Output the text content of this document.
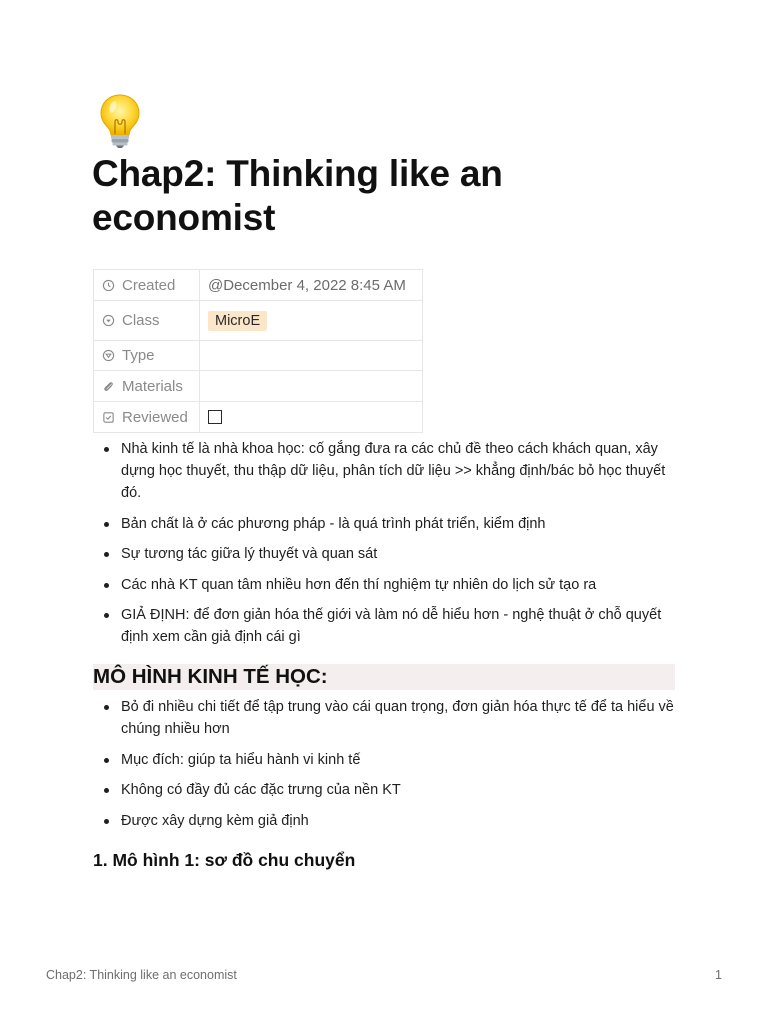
Chap2: Thinking like an economist
Created	@December 4, 2022 8:45 AM
Class	MicroE
Type	
Materials	
Reviewed	
Nhà kinh tế là nhà khoa học: cố gắng đưa ra các chủ đề theo cách khách quan, xây dựng học thuyết, thu thập dữ liệu, phân tích dữ liệu >> khẳng định/bác bỏ học thuyết đó.
Bản chất là ở các phương pháp - là quá trình phát triển, kiểm định
Sự tương tác giữa lý thuyết và quan sát
Các nhà KT quan tâm nhiều hơn đến thí nghiệm tự nhiên do lịch sử tạo ra
GIẢ ĐỊNH: để đơn giản hóa thế giới và làm nó dễ hiểu hơn - nghệ thuật ở chỗ quyết định xem cần giả định cái gì
MÔ HÌNH KINH TẾ HỌC:
Bỏ đi nhiều chi tiết để tập trung vào cái quan trọng, đơn giản hóa thực tế để ta hiểu về chúng nhiều hơn
Mục đích: giúp ta hiểu hành vi kinh tế
Không có đầy đủ các đặc trưng của nền KT
Được xây dựng kèm giả định
1. Mô hình 1: sơ đồ chu chuyển
Chap2: Thinking like an economist	1
